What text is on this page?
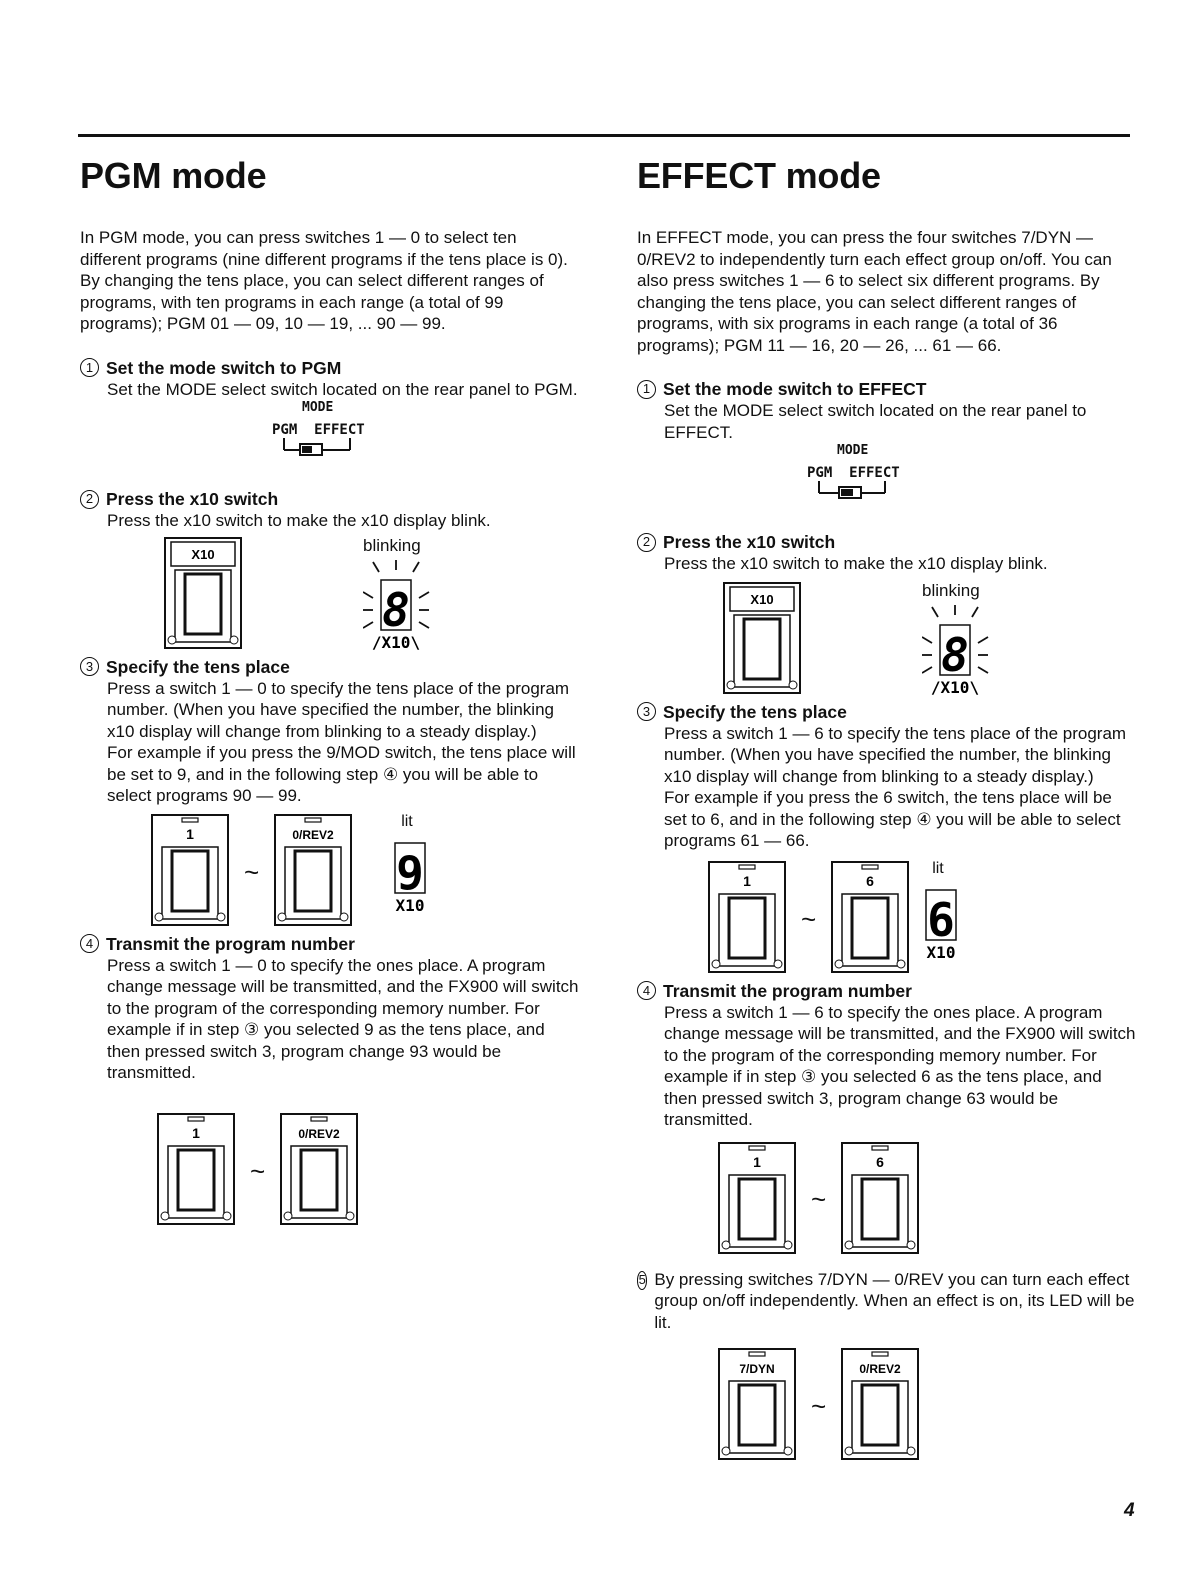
PGM mode

In PGM mode, you can press switches 1 — 0 to select ten different programs (nine different programs if the tens place is 0). By changing the tens place, you can select different ranges of programs, with ten programs in each range (a total of 99 programs); PGM 01 — 09, 10 — 19, ... 90 — 99.

1 Set the mode switch to PGM

Set the MODE select switch located on the rear panel to PGM.

MODE
PGM  EFFECT
2 Press the x10 switch

Press the x10 switch to make the x10 display blink.

X10	blinking
8
/X10\
3 Specify the tens place

Press a switch 1 — 0 to specify the tens place of the program number. (When you have specified the number, the blinking x10 display will change from blinking to a steady display.)

For example if you press the 9/MOD switch, the tens place will be set to 9, and in the following step ④ you will be able to select programs 90 — 99.

1
~
0/REV2
lit
9
X10
4 Transmit the program number

Press a switch 1 — 0 to specify the ones place. A program change message will be transmitted, and the FX900 will switch to the program of the corresponding memory number. For example if in step ③ you selected 9 as the tens place, and then pressed switch 3, program change 93 would be transmitted.

1
~
0/REV2
EFFECT mode

In EFFECT mode, you can press the four switches 7/DYN — 0/REV2 to independently turn each effect group on/off. You can also press switches 1 — 6 to select six different programs. By changing the tens place, you can select different ranges of programs, with six programs in each range (a total of 36 programs); PGM 11 — 16, 20 — 26, ... 61 — 66.

1 Set the mode switch to EFFECT

Set the MODE select switch located on the rear panel to EFFECT.

MODE
PGM  EFFECT
2 Press the x10 switch

Press the x10 switch to make the x10 display blink.

X10	blinking
8
/X10\
3 Specify the tens place

Press a switch 1 — 6 to specify the tens place of the program number. (When you have specified the number, the blinking x10 display will change from blinking to a steady display.)

For example if you press the 6 switch, the tens place will be set to 6, and in the following step ④ you will be able to select programs 61 — 66.

1
~
6
lit
6
X10
4 Transmit the program number

Press a switch 1 — 6 to specify the ones place. A program change message will be transmitted, and the FX900 will switch to the program of the corresponding memory number. For example if in step ③ you selected 6 as the tens place, and then pressed switch 3, program change 63 would be transmitted.

1
~
6
5 By pressing switches 7/DYN — 0/REV you can turn each effect group on/off independently. When an effect is on, its LED will be lit.
7/DYN
~
0/REV2
4
